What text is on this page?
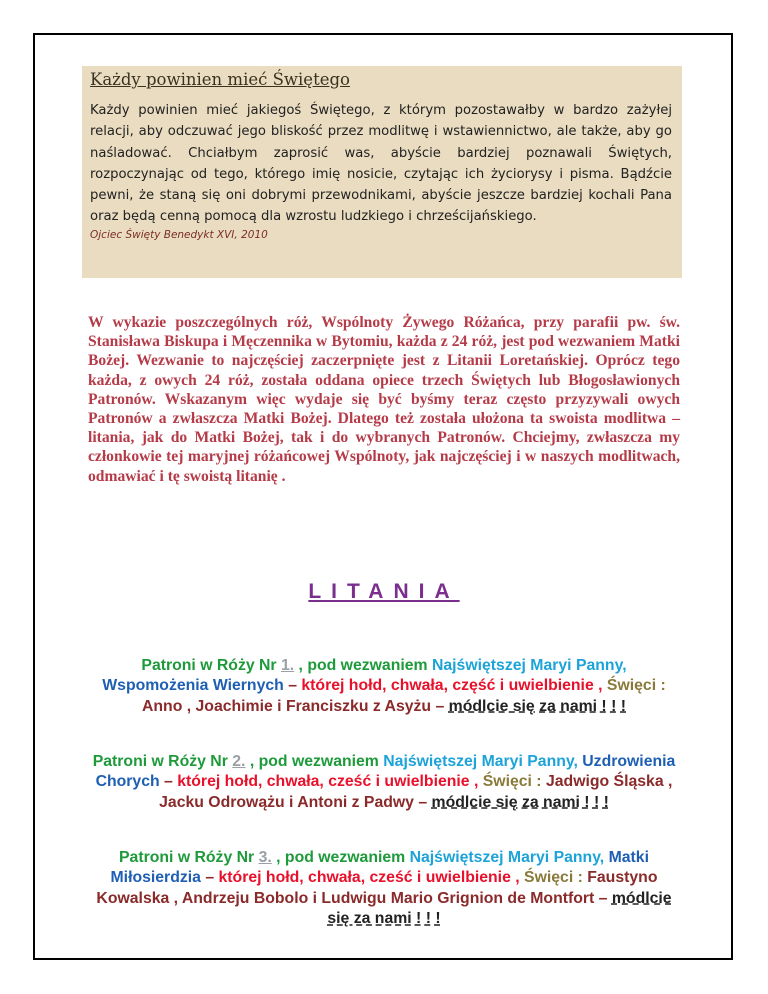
Każdy powinien mieć Świętego

Każdy powinien mieć jakiegoś Świętego, z którym pozostawałby w bardzo zażyłej relacji, aby odczuwać jego bliskość przez modlitwę i wstawiennictwo, ale także, aby go naśladować. Chciałbym zaprosić was, abyście bardziej poznawali Świętych, rozpoczynając od tego, którego imię nosicie, czytając ich życiorysy i pisma. Bądźcie pewni, że staną się oni dobrymi przewodnikami, abyście jeszcze bardziej kochali Pana oraz będą cenną pomocą dla wzrostu ludzkiego i chrześcijańskiego.

Ojciec Święty Benedykt XVI, 2010
W wykazie poszczególnych róż, Wspólnoty Żywego Różańca, przy parafii pw. św. Stanisława Biskupa i Męczennika w Bytomiu, każda z 24 róż, jest pod wezwaniem Matki Bożej. Wezwanie to najczęściej zaczerpnięte jest z Litanii Loretańskiej. Oprócz tego każda, z owych 24 róż, została oddana opiece trzech Świętych lub Błogosławionych Patronów. Wskazanym więc wydaje się być byśmy teraz często przyzywali owych Patronów a zwłaszcza Matki Bożej. Dlatego też została ułożona ta swoista modlitwa – litania, jak do Matki Bożej, tak i do wybranych Patronów. Chciejmy, zwłaszcza my członkowie tej maryjnej różańcowej Wspólnoty, jak najczęściej i w naszych modlitwach, odmawiać i tę swoistą litanię .
LITANIA
Patroni w Róży Nr 1. , pod wezwaniem Najświętszej Maryi Panny, Wspomożenia Wiernych – której hołd, chwała, część i uwielbienie , Święci : Anno , Joachimie i Franciszku z Asyżu – módlcie się za nami ! ! !
Patroni w Róży Nr 2. , pod wezwaniem Najświętszej Maryi Panny, Uzdrowienia Chorych – której hołd, chwała, cześć i uwielbienie , Święci : Jadwigo Śląska , Jacku Odrowążu i Antoni z Padwy – módlcie się za nami ! ! !
Patroni w Róży Nr 3. , pod wezwaniem Najświętszej Maryi Panny, Matki Miłosierdzia – której hołd, chwała, cześć i uwielbienie , Święci : Faustyno Kowalska , Andrzeju Bobolo i Ludwigu Mario Grignion de Montfort – módlcie się za nami ! ! !
